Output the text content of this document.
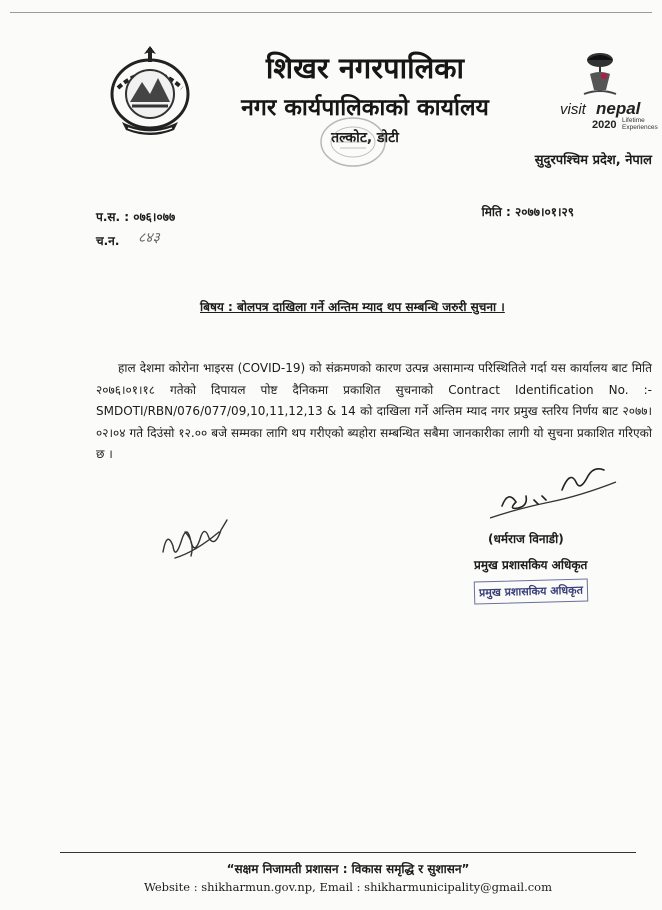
शिखर नगरपालिका
नगर कार्यपालिकाको कार्यालय
तल्कोट, डोटी
visit nepal
2020 Lifetime
Experiences
सुदुरपश्चिम प्रदेश, नेपाल
प.स. : ०७६।०७७
च.न. ८४३
मिति : २०७७।०१।२९
बिषय : बोलपत्र दाखिला गर्ने अन्तिम म्याद थप सम्बन्धि जरुरी सुचना ।
हाल देशमा कोरोना भाइरस (COVID-19) को संक्रमणको कारण उत्पन्न असामान्य परिस्थितिले गर्दा यस कार्यालय बाट मिति २०७६।०१।१८ गतेको दिपायल पोष्ट दैनिकमा प्रकाशित सुचनाको Contract Identification No. :- SMDOTI/RBN/076/077/09,10,11,12,13 & 14 को दाखिला गर्ने अन्तिम म्याद नगर प्रमुख स्तरिय निर्णय बाट २०७७।०२।०४ गते दिउंसो १२.०० बजे सम्मका लागि थप गरीएको ब्यहोरा सम्बन्धित सबैमा जानकारीका लागी यो सुचना प्रकाशित गरिएको छ ।
(धर्मराज विनाडी)
प्रमुख प्रशासकिय अधिकृत
प्रमुख प्रशासकिय अधिकृत
“सक्षम निजामती प्रशासन : विकास समृद्धि र सुशासन”
Website : shikharmun.gov.np, Email : shikharmunicipality@gmail.com
